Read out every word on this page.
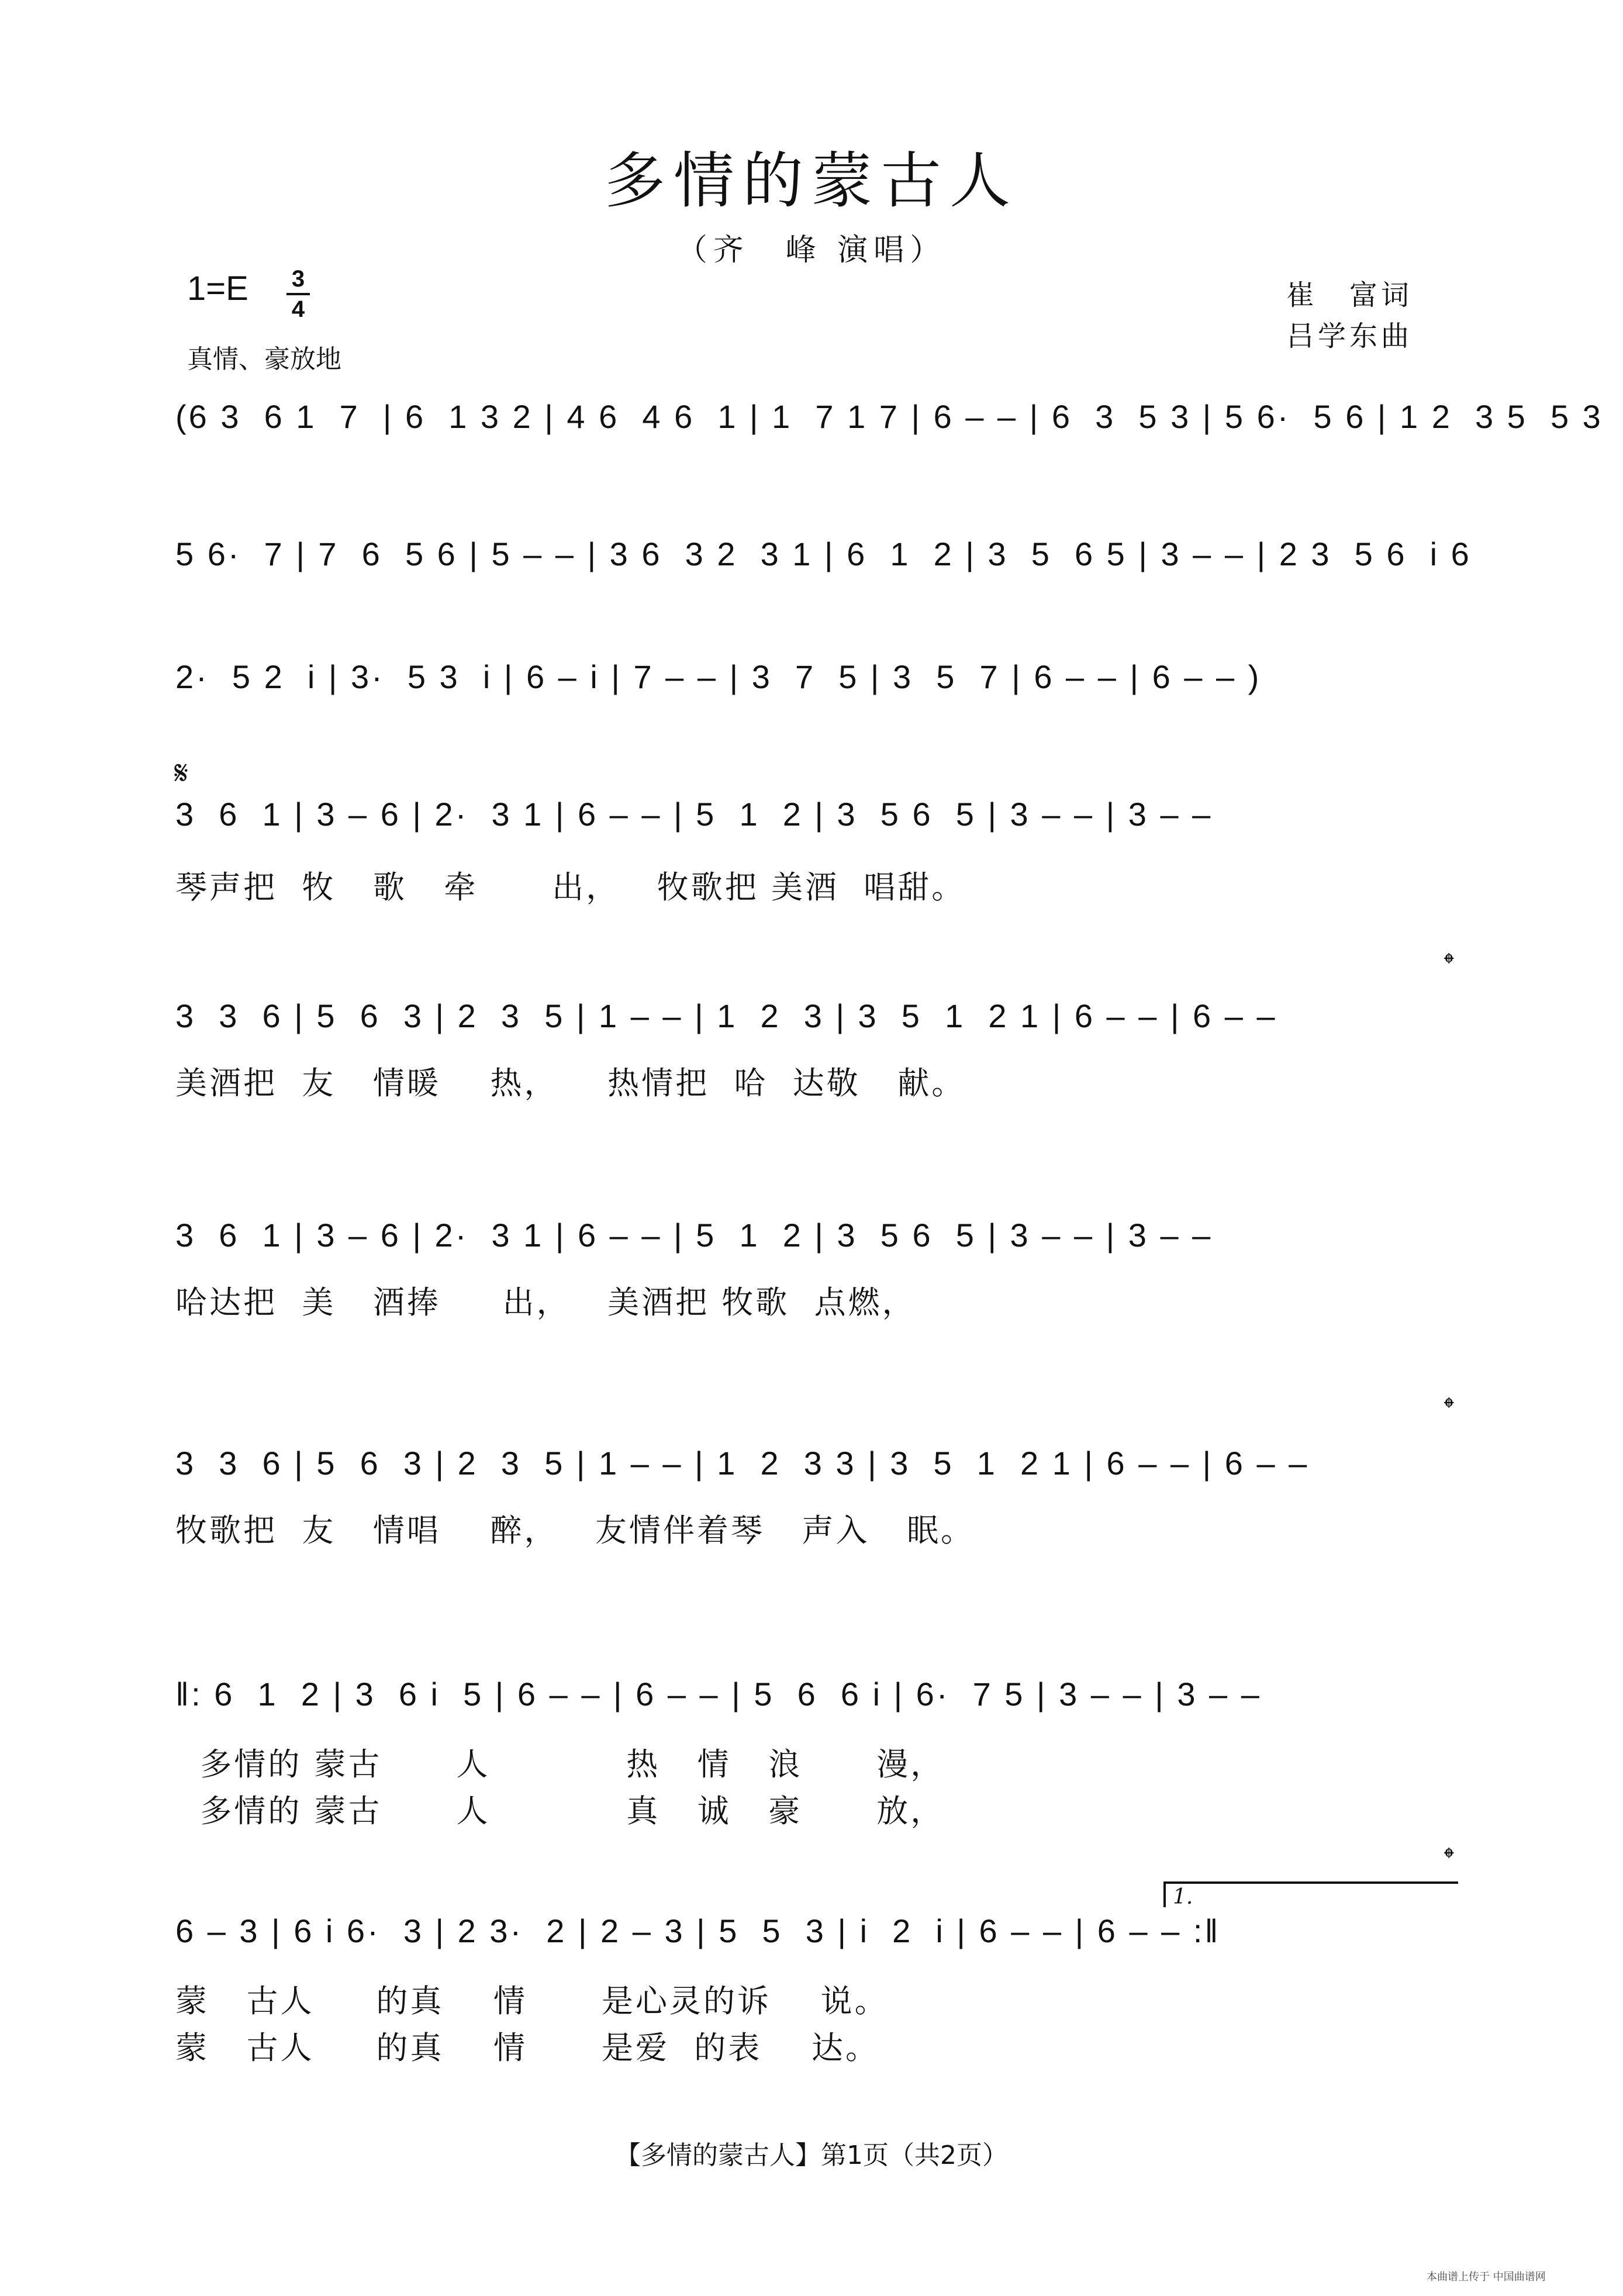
多情的蒙古人
（齐　峰 演唱）
1=E 3
4
真情、豪放地
崔　富词
吕学东曲
(6 3  6 1  7  | 6  1 3 2 | 4 6  4 6  1 | 1  7 1 7 | 6 – – | 6  3  5 3 | 5 6·  5 6 | 1 2  3 5  5 3
5 6·  7 | 7  6  5 6 | 5 – – | 3 6  3 2  3 1 | 6  1  2 | 3  5  6 5 | 3 – – | 2 3  5 6  i 6
2·  5 2  i | 3·  5 3  i | 6 – i | 7 – – | 3  7  5 | 3  5  7 | 6 – – | 6 – – )
𝄋
3  6  1 | 3 – 6 | 2·  3 1 | 6 – – | 5  1  2 | 3  5 6  5 | 3 – – | 3 – –
琴声把  牧   歌   牵      出，   牧歌把 美酒  唱甜。
𝄌
3  3  6 | 5  6  3 | 2  3  5 | 1 – – | 1  2  3 | 3  5  1  2 1 | 6 – – | 6 – –
美酒把  友   情暖    热，    热情把  哈  达敬   献。
3  6  1 | 3 – 6 | 2·  3 1 | 6 – – | 5  1  2 | 3  5 6  5 | 3 – – | 3 – –
哈达把  美   酒捧     出，   美酒把 牧歌  点燃，
𝄌
3  3  6 | 5  6  3 | 2  3  5 | 1 – – | 1  2  3 3 | 3  5  1  2 1 | 6 – – | 6 – –
牧歌把  友   情唱    醉，   友情伴着琴   声入   眠。
‖: 6  1  2 | 3  6 i  5 | 6 – – | 6 – – | 5  6  6 i | 6·  7 5 | 3 – – | 3 – –
多情的 蒙古      人           热   情   浪      漫，
多情的 蒙古      人           真   诚   豪      放，
𝄌
1.
6 – 3 | 6 i 6·  3 | 2 3·  2 | 2 – 3 | 5  5  3 | i  2  i | 6 – – | 6 – – :‖
蒙   古人     的真    情      是心灵的诉    说。
蒙   古人     的真    情      是爱  的表    达。
【多情的蒙古人】第1页（共2页）
本曲谱上传于 中国曲谱网
